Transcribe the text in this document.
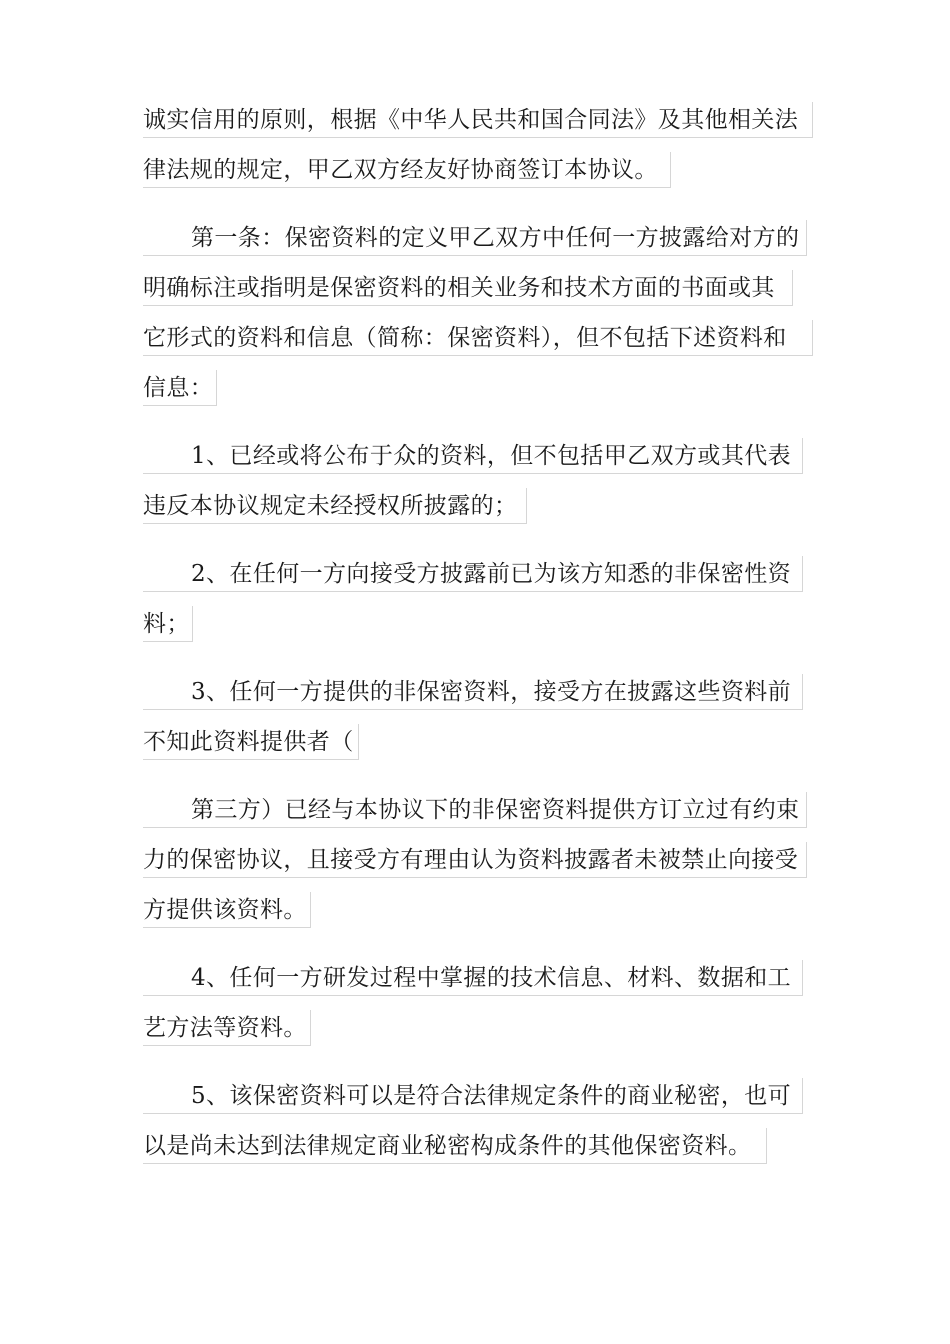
诚实信用的原则，根据《中华人民共和国合同法》及其他相关法
律法规的规定，甲乙双方经友好协商签订本协议。
第一条：保密资料的定义甲乙双方中任何一方披露给对方的
明确标注或指明是保密资料的相关业务和技术方面的书面或其
它形式的资料和信息（简称：保密资料），但不包括下述资料和
信息：
1、已经或将公布于众的资料，但不包括甲乙双方或其代表
违反本协议规定未经授权所披露的；
2、在任何一方向接受方披露前已为该方知悉的非保密性资
料；
3、任何一方提供的非保密资料，接受方在披露这些资料前
不知此资料提供者（
第三方）已经与本协议下的非保密资料提供方订立过有约束
力的保密协议，且接受方有理由认为资料披露者未被禁止向接受
方提供该资料。
4、任何一方研发过程中掌握的技术信息、材料、数据和工
艺方法等资料。
5、该保密资料可以是符合法律规定条件的商业秘密，也可
以是尚未达到法律规定商业秘密构成条件的其他保密资料。
